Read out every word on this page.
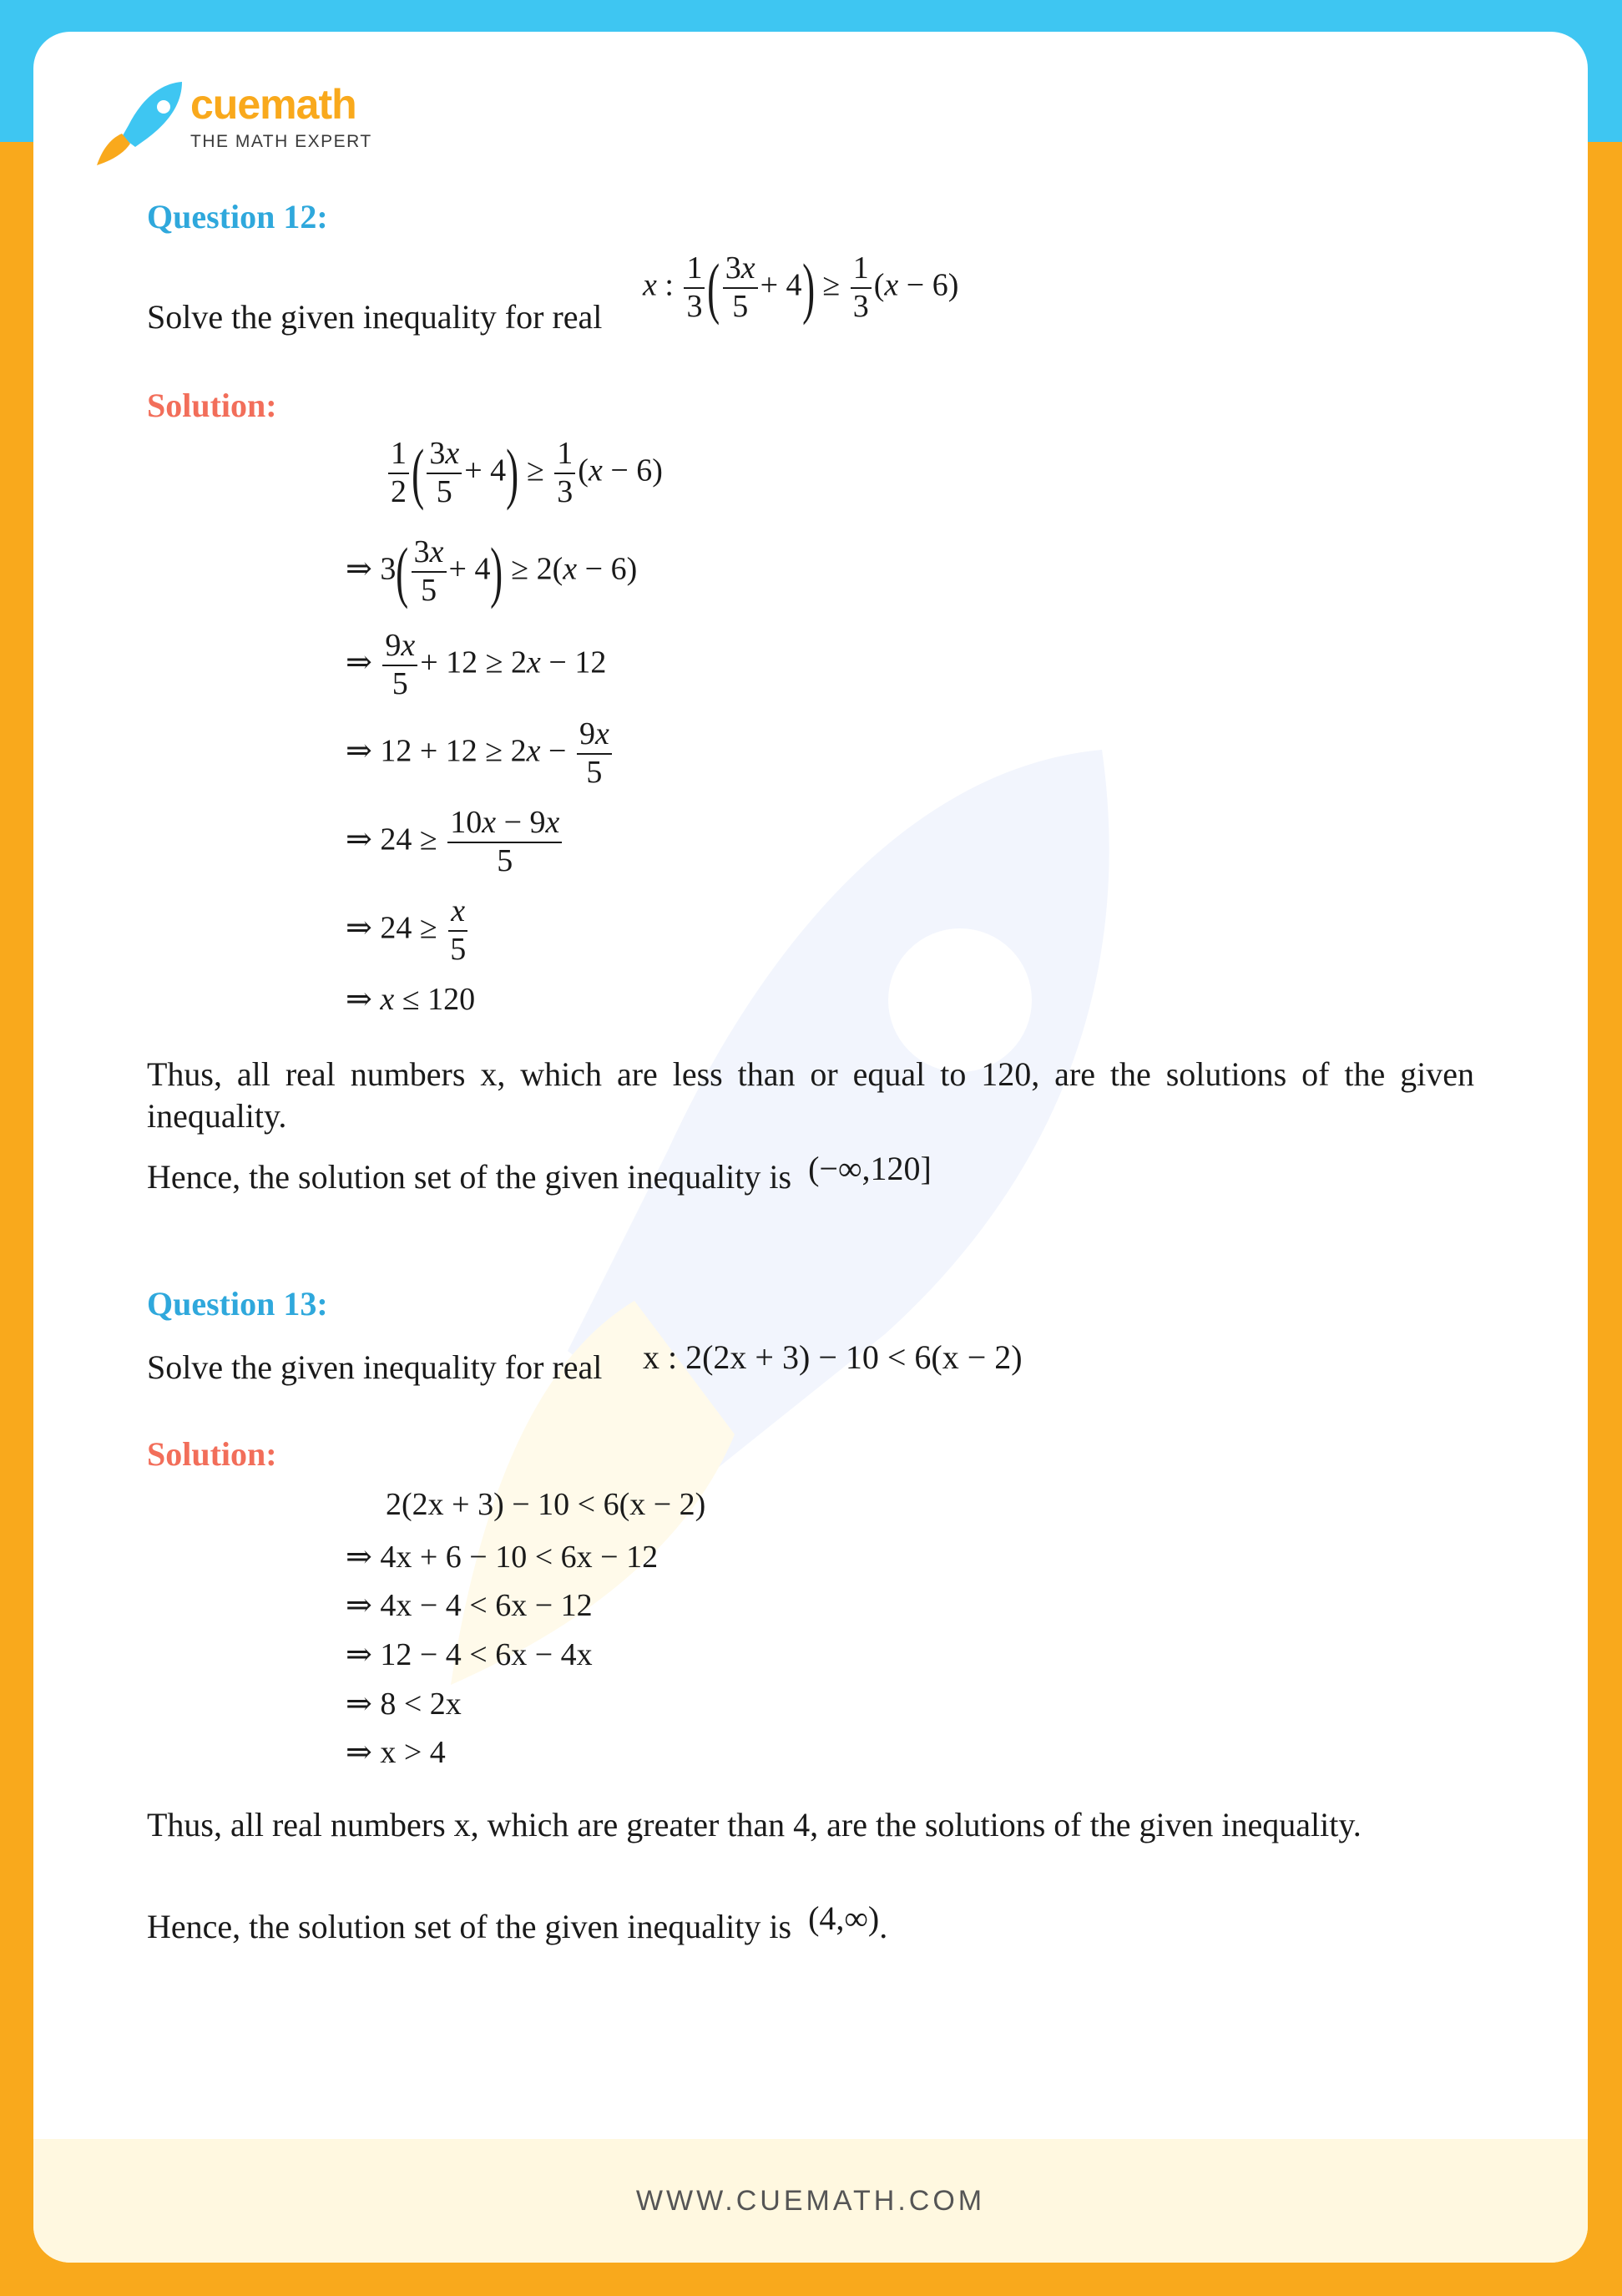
WWW.CUEMATH.COM
cuemath
THE MATH EXPERT
Question 12:
Solve the given inequality for real
x : $\frac{1}{3}$ ( $\frac{3x}{5} + 4) \ge \frac{1}{3} (x - 6)$
Solution:
$\frac{1}{2}$ ( $\frac{3x}{5} + 4) \ge \frac{1}{3} (x - 6)$
⇒ $3( \frac{3x}{5} + 4) \ge 2(x - 6)$
⇒ $\frac{9x}{5} + 12 \ge 2x - 12$
⇒ $12 + 12 \ge 2x - \frac{9x}{5}$
⇒ $24 \ge \frac{10x - 9x}{5}$
⇒ $24 \ge \frac{x}{5}$
⇒ x ≤ 120
Thus, all real numbers x, which are less than or equal to 120, are the solutions of the given inequality.
Hence, the solution set of the given inequality is (−∞,120]
Question 13:
Solve the given inequality for real x : 2(2x + 3) − 10 < 6(x − 2)
Solution:
2(2x + 3) − 10 < 6(x − 2)
⇒ 4x + 6 − 10 < 6x − 12
⇒ 4x − 4 < 6x − 12
⇒ 12 − 4 < 6x − 4x
⇒ 8 < 2x
⇒ x > 4
Thus, all real numbers x, which are greater than 4, are the solutions of the given inequality.
Hence, the solution set of the given inequality is (4,∞).
